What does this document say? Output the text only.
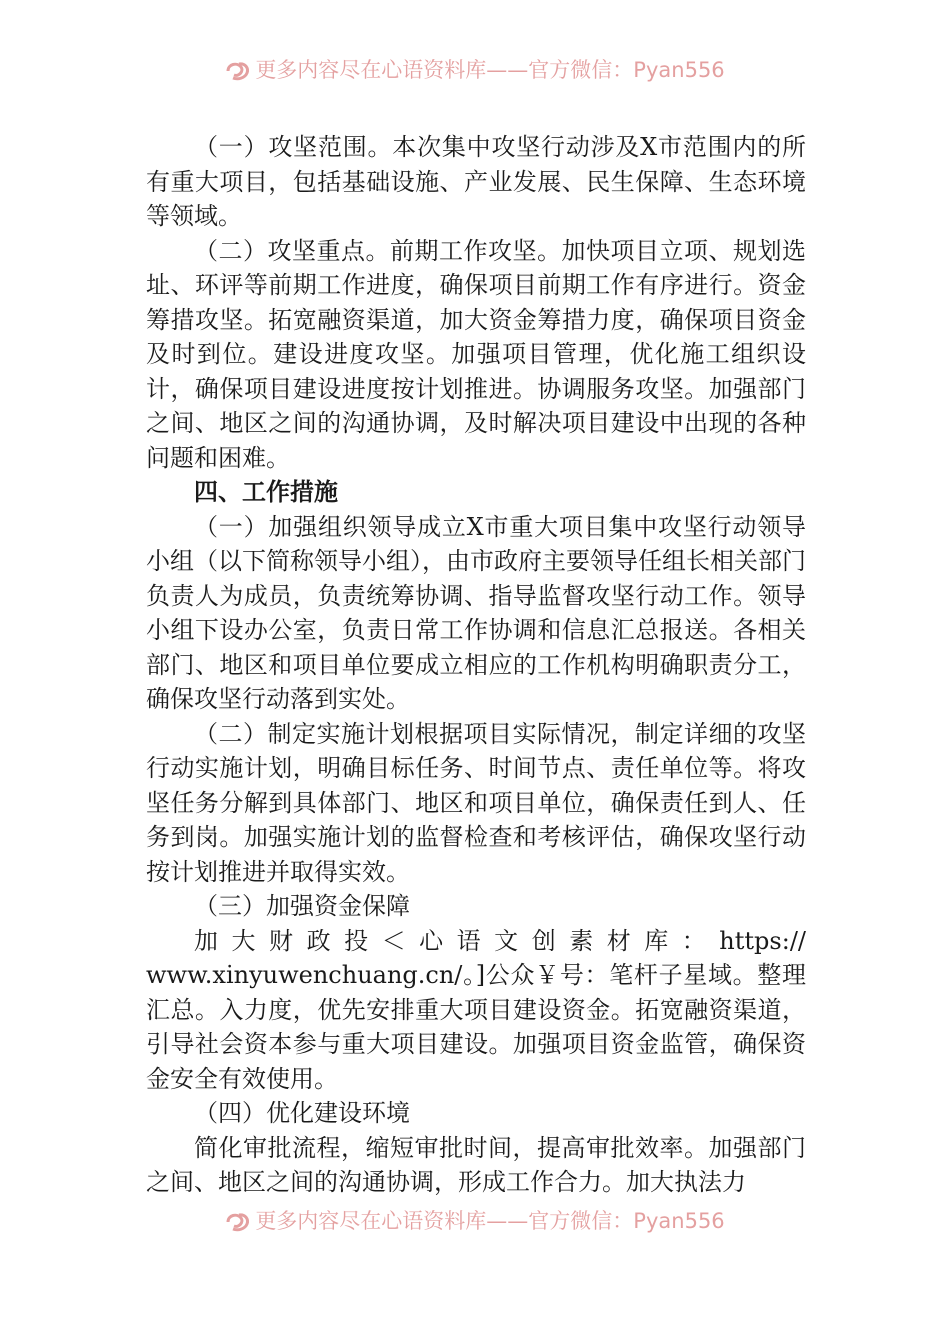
更多内容尽在心语资料库——官方微信：Pyan556

（一）攻坚范围。本次集中攻坚行动涉及X市范围内的所有重大项目，包括基础设施、产业发展、民生保障、生态环境等领域。

（二）攻坚重点。前期工作攻坚。加快项目立项、规划选址、环评等前期工作进度，确保项目前期工作有序进行。资金筹措攻坚。拓宽融资渠道，加大资金筹措力度，确保项目资金及时到位。建设进度攻坚。加强项目管理，优化施工组织设计，确保项目建设进度按计划推进。协调服务攻坚。加强部门之间、地区之间的沟通协调，及时解决项目建设中出现的各种问题和困难。

四、工作措施

（一）加强组织领导成立X市重大项目集中攻坚行动领导小组（以下简称领导小组），由市政府主要领导任组长相关部门负责人为成员，负责统筹协调、指导监督攻坚行动工作。领导小组下设办公室，负责日常工作协调和信息汇总报送。各相关部门、地区和项目单位要成立相应的工作机构明确职责分工，确保攻坚行动落到实处。

（二）制定实施计划根据项目实际情况，制定详细的攻坚行动实施计划，明确目标任务、时间节点、责任单位等。将攻坚任务分解到具体部门、地区和项目单位，确保责任到人、任务到岗。加强实施计划的监督检查和考核评估，确保攻坚行动按计划推进并取得实效。

（三）加强资金保障

加大财政投＜心语文创素材库：https://

www.xinyuwenchuang.cn/。]公众￥号：笔杆子星域。整理汇总。入力度，优先安排重大项目建设资金。拓宽融资渠道，引导社会资本参与重大项目建设。加强项目资金监管，确保资金安全有效使用。

（四）优化建设环境

简化审批流程，缩短审批时间，提高审批效率。加强部门之间、地区之间的沟通协调，形成工作合力。加大执法力

更多内容尽在心语资料库——官方微信：Pyan556
